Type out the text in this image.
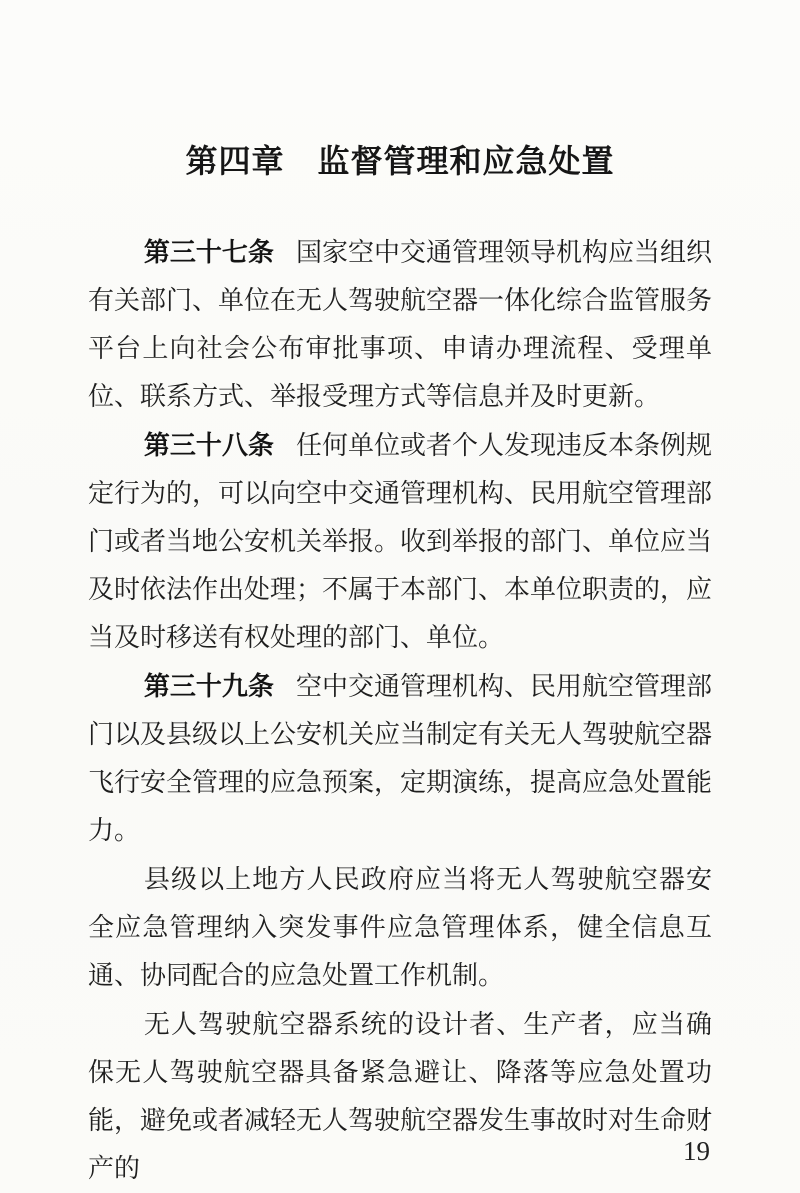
第四章　监督管理和应急处置

第三十七条 国家空中交通管理领导机构应当组织有关部门、单位在无人驾驶航空器一体化综合监管服务平台上向社会公布审批事项、申请办理流程、受理单位、联系方式、举报受理方式等信息并及时更新。

第三十八条 任何单位或者个人发现违反本条例规定行为的，可以向空中交通管理机构、民用航空管理部门或者当地公安机关举报。收到举报的部门、单位应当及时依法作出处理；不属于本部门、本单位职责的，应当及时移送有权处理的部门、单位。

第三十九条 空中交通管理机构、民用航空管理部门以及县级以上公安机关应当制定有关无人驾驶航空器飞行安全管理的应急预案，定期演练，提高应急处置能力。

县级以上地方人民政府应当将无人驾驶航空器安全应急管理纳入突发事件应急管理体系，健全信息互通、协同配合的应急处置工作机制。

无人驾驶航空器系统的设计者、生产者，应当确保无人驾驶航空器具备紧急避让、降落等应急处置功能，避免或者减轻无人驾驶航空器发生事故时对生命财产的

19
